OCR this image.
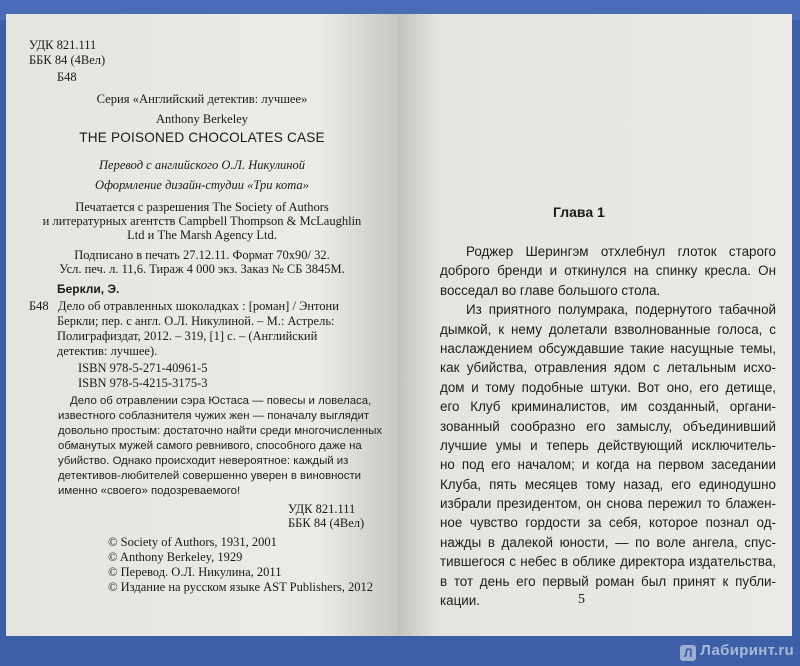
УДК 821.111
ББК 84 (4Вел)
Б48
Серия «Английский детектив: лучшее»
Anthony Berkeley
THE POISONED CHOCOLATES CASE
Перевод с английского О.Л. Никулиной
Оформление дизайн-студии «Три кота»
Печатается с разрешения The Society of Authors
и литературных агентств Campbell Thompson & McLaughlin
Ltd и The Marsh Agency Ltd.
Подписано в печать 27.12.11. Формат 70х90/ 32.
Усл. печ. л. 11,6. Тираж 4 000 экз. Заказ № СБ 3845М.
Беркли, Э.
Б48 Дело об отравленных шоколадках : [роман] / Энтони
Беркли; пер. с англ. О.Л. Никулиной. – М.: Астрель:
Полиграфиздат, 2012. – 319, [1] с. – (Английский
детектив: лучшее).
ISBN 978-5-271-40961-5
ISBN 978-5-4215-3175-3
Дело об отравлении сэра Юстаса — повесы и ловеласа,
известного соблазнителя чужих жен — поначалу выглядит
довольно простым: достаточно найти среди многочисленных
обманутых мужей самого ревнивого, способного даже на
убийство. Однако происходит невероятное: каждый из
детективов-любителей совершенно уверен в виновности
именно «своего» подозреваемого!
УДК 821.111
ББК 84 (4Вел)
© Society of Authors, 1931, 2001
© Anthony Berkeley, 1929
© Перевод. О.Л. Никулина, 2011
© Издание на русском языке AST Publishers, 2012
Глава 1
Роджер Шерингэм отхлебнул глоток старого
доброго бренди и откинулся на спинку кресла. Он
восседал во главе большого стола.
Из приятного полумрака, подернутого табачной
дымкой, к нему долетали взволнованные голоса, с
наслаждением обсуждавшие такие насущные темы,
как убийства, отравления ядом с летальным исхо-
дом и тому подобные штуки. Вот оно, его детище,
его Клуб криминалистов, им созданный, органи-
зованный сообразно его замыслу, объединивший
лучшие умы и теперь действующий исключитель-
но под его началом; и когда на первом заседании
Клуба, пять месяцев тому назад, его единодушно
избрали президентом, он снова пережил то блажен-
ное чувство гордости за себя, которое познал од-
нажды в далекой юности, — по воле ангела, спус-
тившегося с небес в облике директора издательства,
в тот день его первый роман был принят к публи-
кации.	5
Л Лабиринт.ru
